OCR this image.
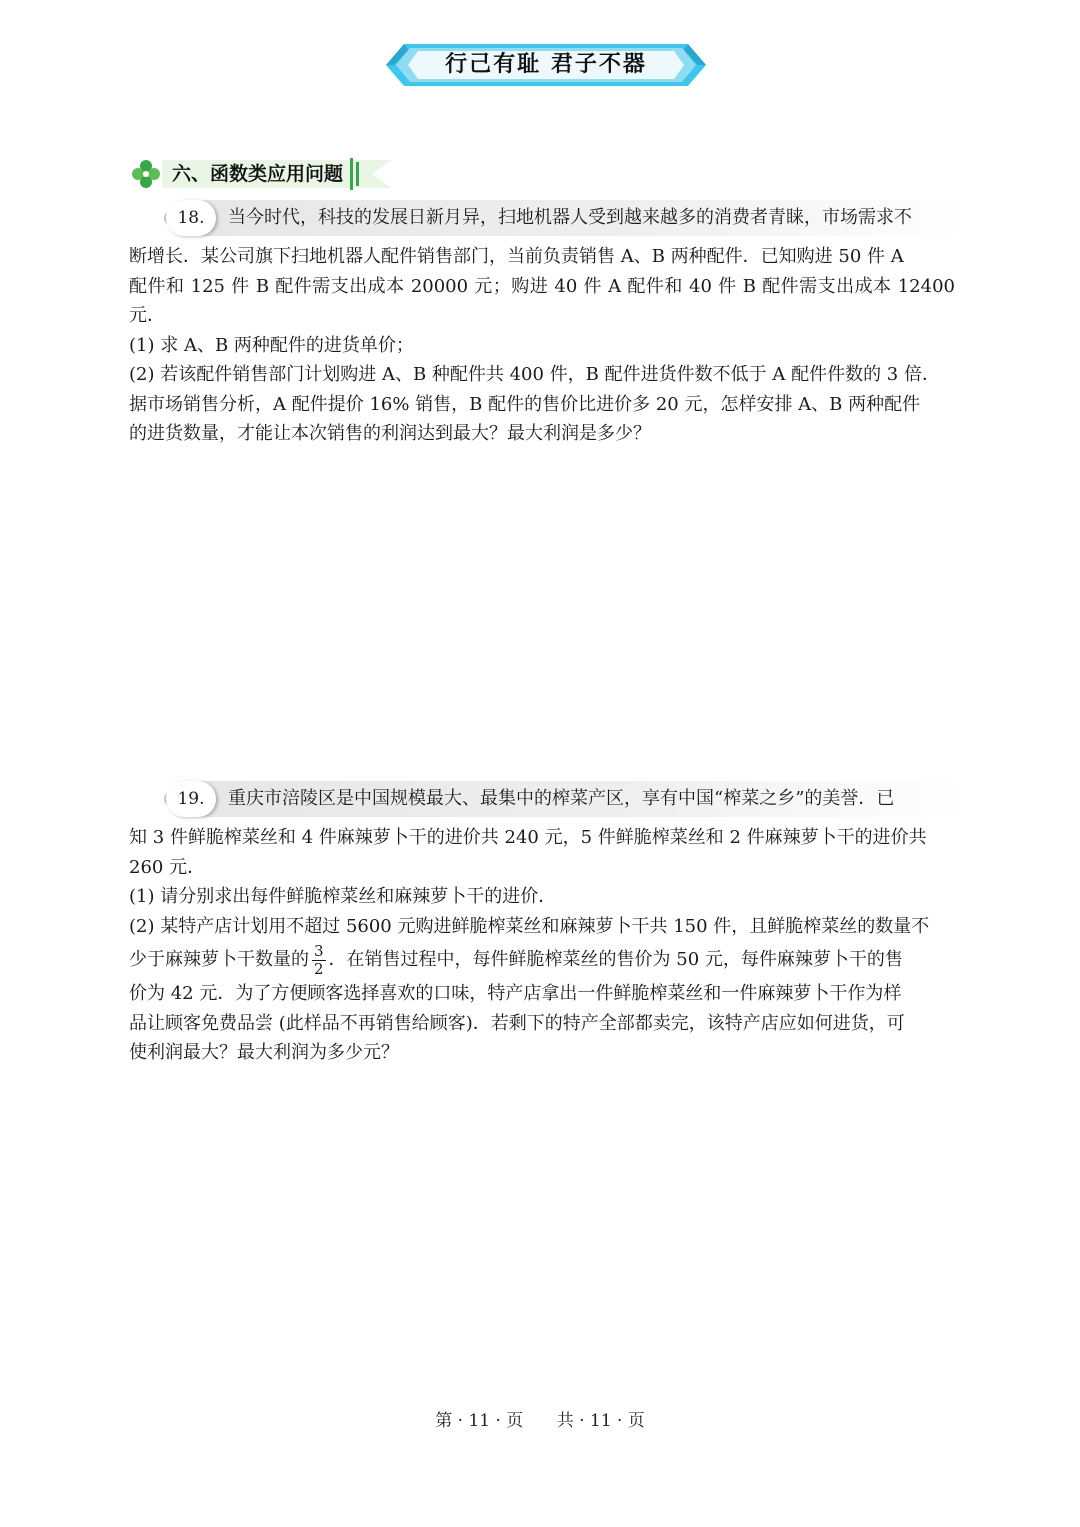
行己有耻 君子不器
六、函数类应用问题
18.	当今时代，科技的发展日新月异，扫地机器人受到越来越多的消费者青睐，市场需求不

断增长．某公司旗下扫地机器人配件销售部门，当前负责销售 A、B 两种配件．已知购进 50 件 A

配件和 125 件 B 配件需支出成本 20000 元；购进 40 件 A 配件和 40 件 B 配件需支出成本 12400 元．

(1) 求 A、B 两种配件的进货单价；

(2) 若该配件销售部门计划购进 A、B 种配件共 400 件，B 配件进货件数不低于 A 配件件数的 3 倍．

据市场销售分析，A 配件提价 16% 销售，B 配件的售价比进价多 20 元，怎样安排 A、B 两种配件

的进货数量，才能让本次销售的利润达到最大？最大利润是多少？

19.	重庆市涪陵区是中国规模最大、最集中的榨菜产区，享有中国“榨菜之乡”的美誉．已

知 3 件鲜脆榨菜丝和 4 件麻辣萝卜干的进价共 240 元，5 件鲜脆榨菜丝和 2 件麻辣萝卜干的进价共

260 元．

(1) 请分别求出每件鲜脆榨菜丝和麻辣萝卜干的进价．

(2) 某特产店计划用不超过 5600 元购进鲜脆榨菜丝和麻辣萝卜干共 150 件，且鲜脆榨菜丝的数量不

少于麻辣萝卜干数量的 $\frac{3}{2}$ ．在销售过程中，每件鲜脆榨菜丝的售价为 50 元，每件麻辣萝卜干的售

价为 42 元．为了方便顾客选择喜欢的口味，特产店拿出一件鲜脆榨菜丝和一件麻辣萝卜干作为样

品让顾客免费品尝 (此样品不再销售给顾客)．若剩下的特产全部都卖完，该特产店应如何进货，可

使利润最大？最大利润为多少元？

第 · 11 · 页 共 · 11 · 页
